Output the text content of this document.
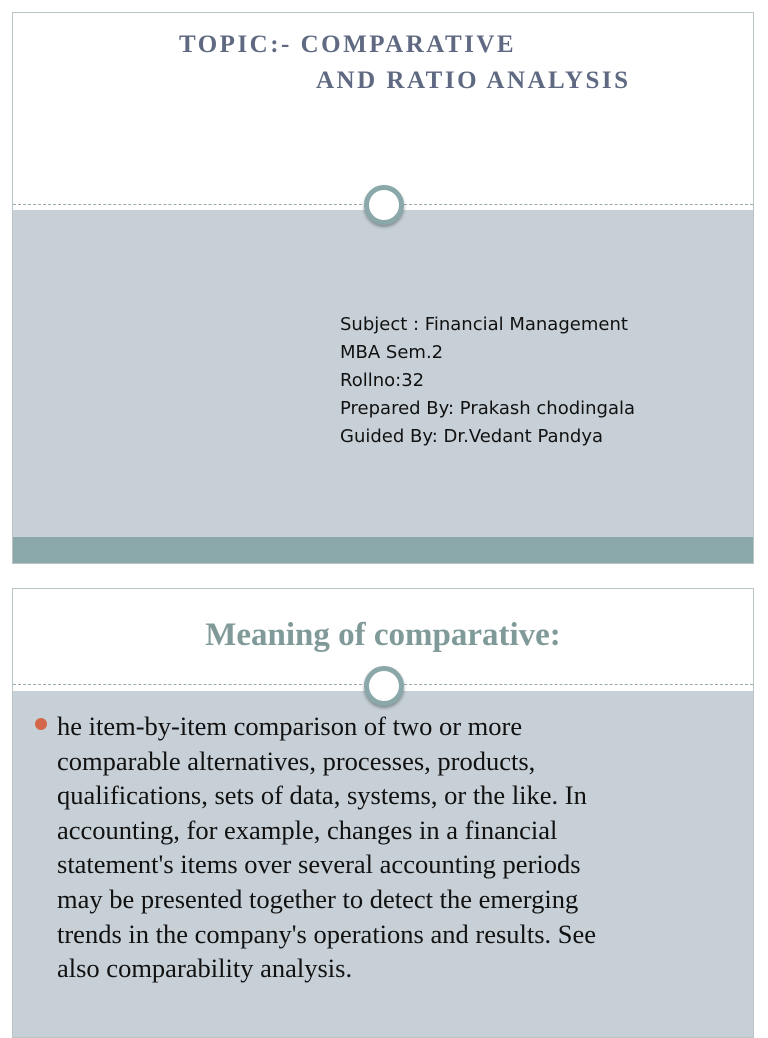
TOPIC:- COMPARATIVE
AND RATIO ANALYSIS
Subject : Financial Management
MBA Sem.2
Rollno:32
Prepared By: Prakash chodingala
Guided By: Dr.Vedant Pandya
Meaning of comparative:
he item-by-item comparison of two or more
comparable alternatives, processes, products,
qualifications, sets of data, systems, or the like. In
accounting, for example, changes in a financial
statement's items over several accounting periods
may be presented together to detect the emerging
trends in the company's operations and results. See
also comparability analysis.
